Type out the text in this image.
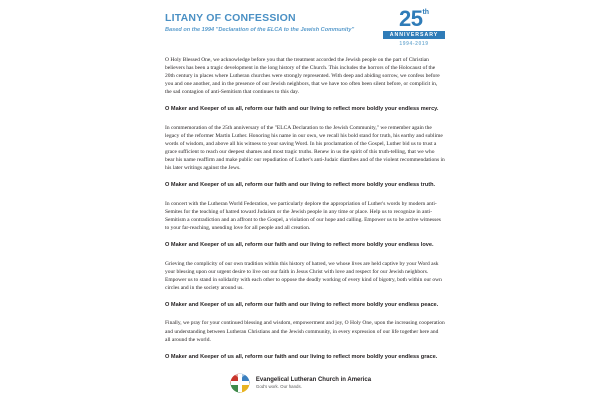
LITANY OF CONFESSION
Based on the 1994 "Declaration of the ELCA to the Jewish Community"	25th
ANNIVERSARY
1994-2019

O Holy Blessed One, we acknowledge before you that the treatment accorded the Jewish people on the part of Christian believers has been a tragic development in the long history of the Church. This includes the horrors of the Holocaust of the 20th century in places where Lutheran churches were strongly represented. With deep and abiding sorrow, we confess before you and one another, and in the presence of our Jewish neighbors, that we have too often been silent before, or complicit in, the sad contagion of anti-Semitism that continues to this day.

O Maker and Keeper of us all, reform our faith and our living to reflect more boldly your endless mercy.

In commemoration of the 25th anniversary of the "ELCA Declaration to the Jewish Community," we remember again the legacy of the reformer Martin Luther. Honoring his name in our own, we recall his bold stand for truth, his earthy and sublime words of wisdom, and above all his witness to your saving Word. In his proclamation of the Gospel, Luther bid us to trust a grace sufficient to reach our deepest shames and most tragic truths. Renew in us the spirit of this truth-telling, that we who bear his name reaffirm and make public our repudiation of Luther's anti-Judaic diatribes and of the violent recommendations in his later writings against the Jews.

O Maker and Keeper of us all, reform our faith and our living to reflect more boldly your endless truth.

In concert with the Lutheran World Federation, we particularly deplore the appropriation of Luther's words by modern anti-Semites for the teaching of hatred toward Judaism or the Jewish people in any time or place. Help us to recognize in anti-Semitism a contradiction and an affront to the Gospel, a violation of our hope and calling. Empower us to be active witnesses to your far-reaching, unending love for all people and all creation.

O Maker and Keeper of us all, reform our faith and our living to reflect more boldly your endless love.

Grieving the complicity of our own tradition within this history of hatred, we whose lives are held captive by your Word ask your blessing upon our urgent desire to live out our faith in Jesus Christ with love and respect for our Jewish neighbors. Empower us to stand in solidarity with each other to oppose the deadly working of every kind of bigotry, both within our own circles and in the society around us.

O Maker and Keeper of us all, reform our faith and our living to reflect more boldly your endless peace.

Finally, we pray for your continued blessing and wisdom, empowerment and joy, O Holy One, upon the increasing cooperation and understanding between Lutheran Christians and the Jewish community, in every expression of our life together here and all around the world.

O Maker and Keeper of us all, reform our faith and our living to reflect more boldly your endless grace.

Evangelical Lutheran Church in America
God's work. Our hands.
